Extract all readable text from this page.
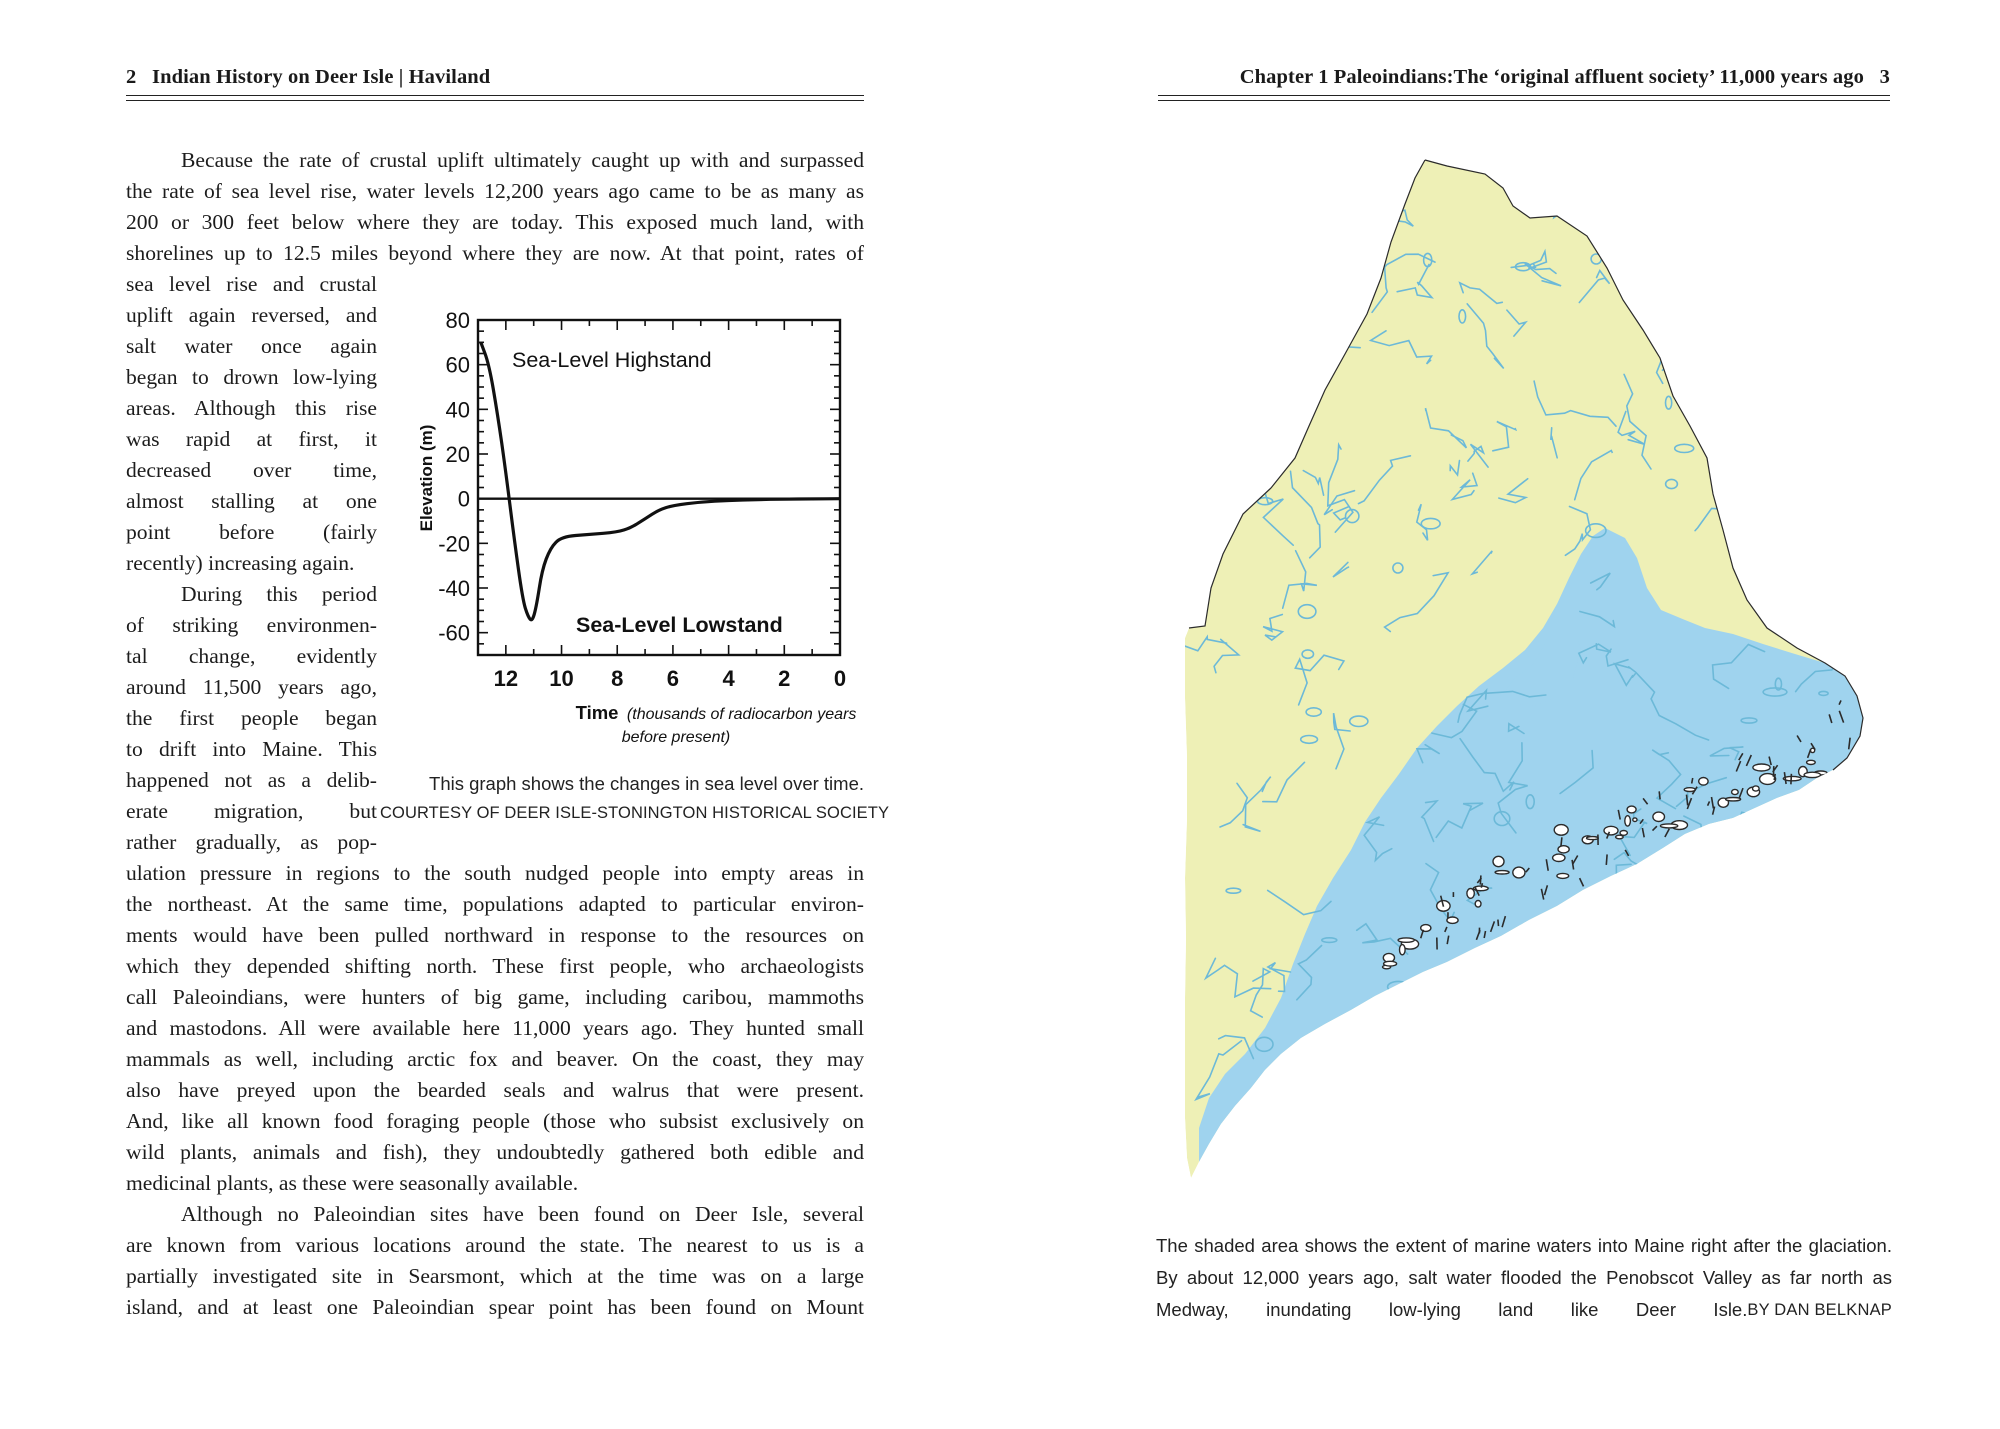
2 Indian History on Deer Isle | Haviland	Chapter 1 Paleoindians:The ‘original affluent society’ 11,000 years ago 3
Because the rate of crustal uplift ultimately caught up with and surpassed
the rate of sea level rise, water levels 12,200 years ago came to be as many as
200 or 300 feet below where they are today. This exposed much land, with
shorelines up to 12.5 miles beyond where they are now. At that point, rates of
sea level rise and crustal
uplift again reversed, and
salt water once again
began to drown low-lying
areas. Although this rise
was rapid at first, it
decreased over time,
almost stalling at one
point before (fairly
recently) increasing again.
During this period
of striking environmen-
tal change, evidently
around 11,500 years ago,
the first people began
to drift into Maine. This
happened not as a delib-
erate migration, but
rather gradually, as pop-
ulation pressure in regions to the south nudged people into empty areas in
the northeast. At the same time, populations adapted to particular environ-
ments would have been pulled northward in response to the resources on
which they depended shifting north. These first people, who archaeologists
call Paleoindians, were hunters of big game, including caribou, mammoths
and mastodons. All were available here 11,000 years ago. They hunted small
mammals as well, including arctic fox and beaver. On the coast, they may
also have preyed upon the bearded seals and walrus that were present.
And, like all known food foraging people (those who subsist exclusively on
wild plants, animals and fish), they undoubtedly gathered both edible and
medicinal plants, as these were seasonally available.
Although no Paleoindian sites have been found on Deer Isle, several
are known from various locations around the state. The nearest to us is a
partially investigated site in Searsmont, which at the time was on a large
island, and at least one Paleoindian spear point has been found on Mount
80
60
40
20
0
-20
-40
-60
12 10 8 6 4 2 0
Sea-Level Highstand
Sea-Level Lowstand
Elevation (m)
Time (thousands of radiocarbon years
before present)
This graph shows the changes in sea level over time.
COURTESY OF DEER ISLE-STONINGTON HISTORICAL SOCIETY
The shaded area shows the extent of marine waters into Maine right after the glaciation.
By about 12,000 years ago, salt water flooded the Penobscot Valley as far north as
Medway, inundating low-lying land like Deer Isle. BY DAN BELKNAP
